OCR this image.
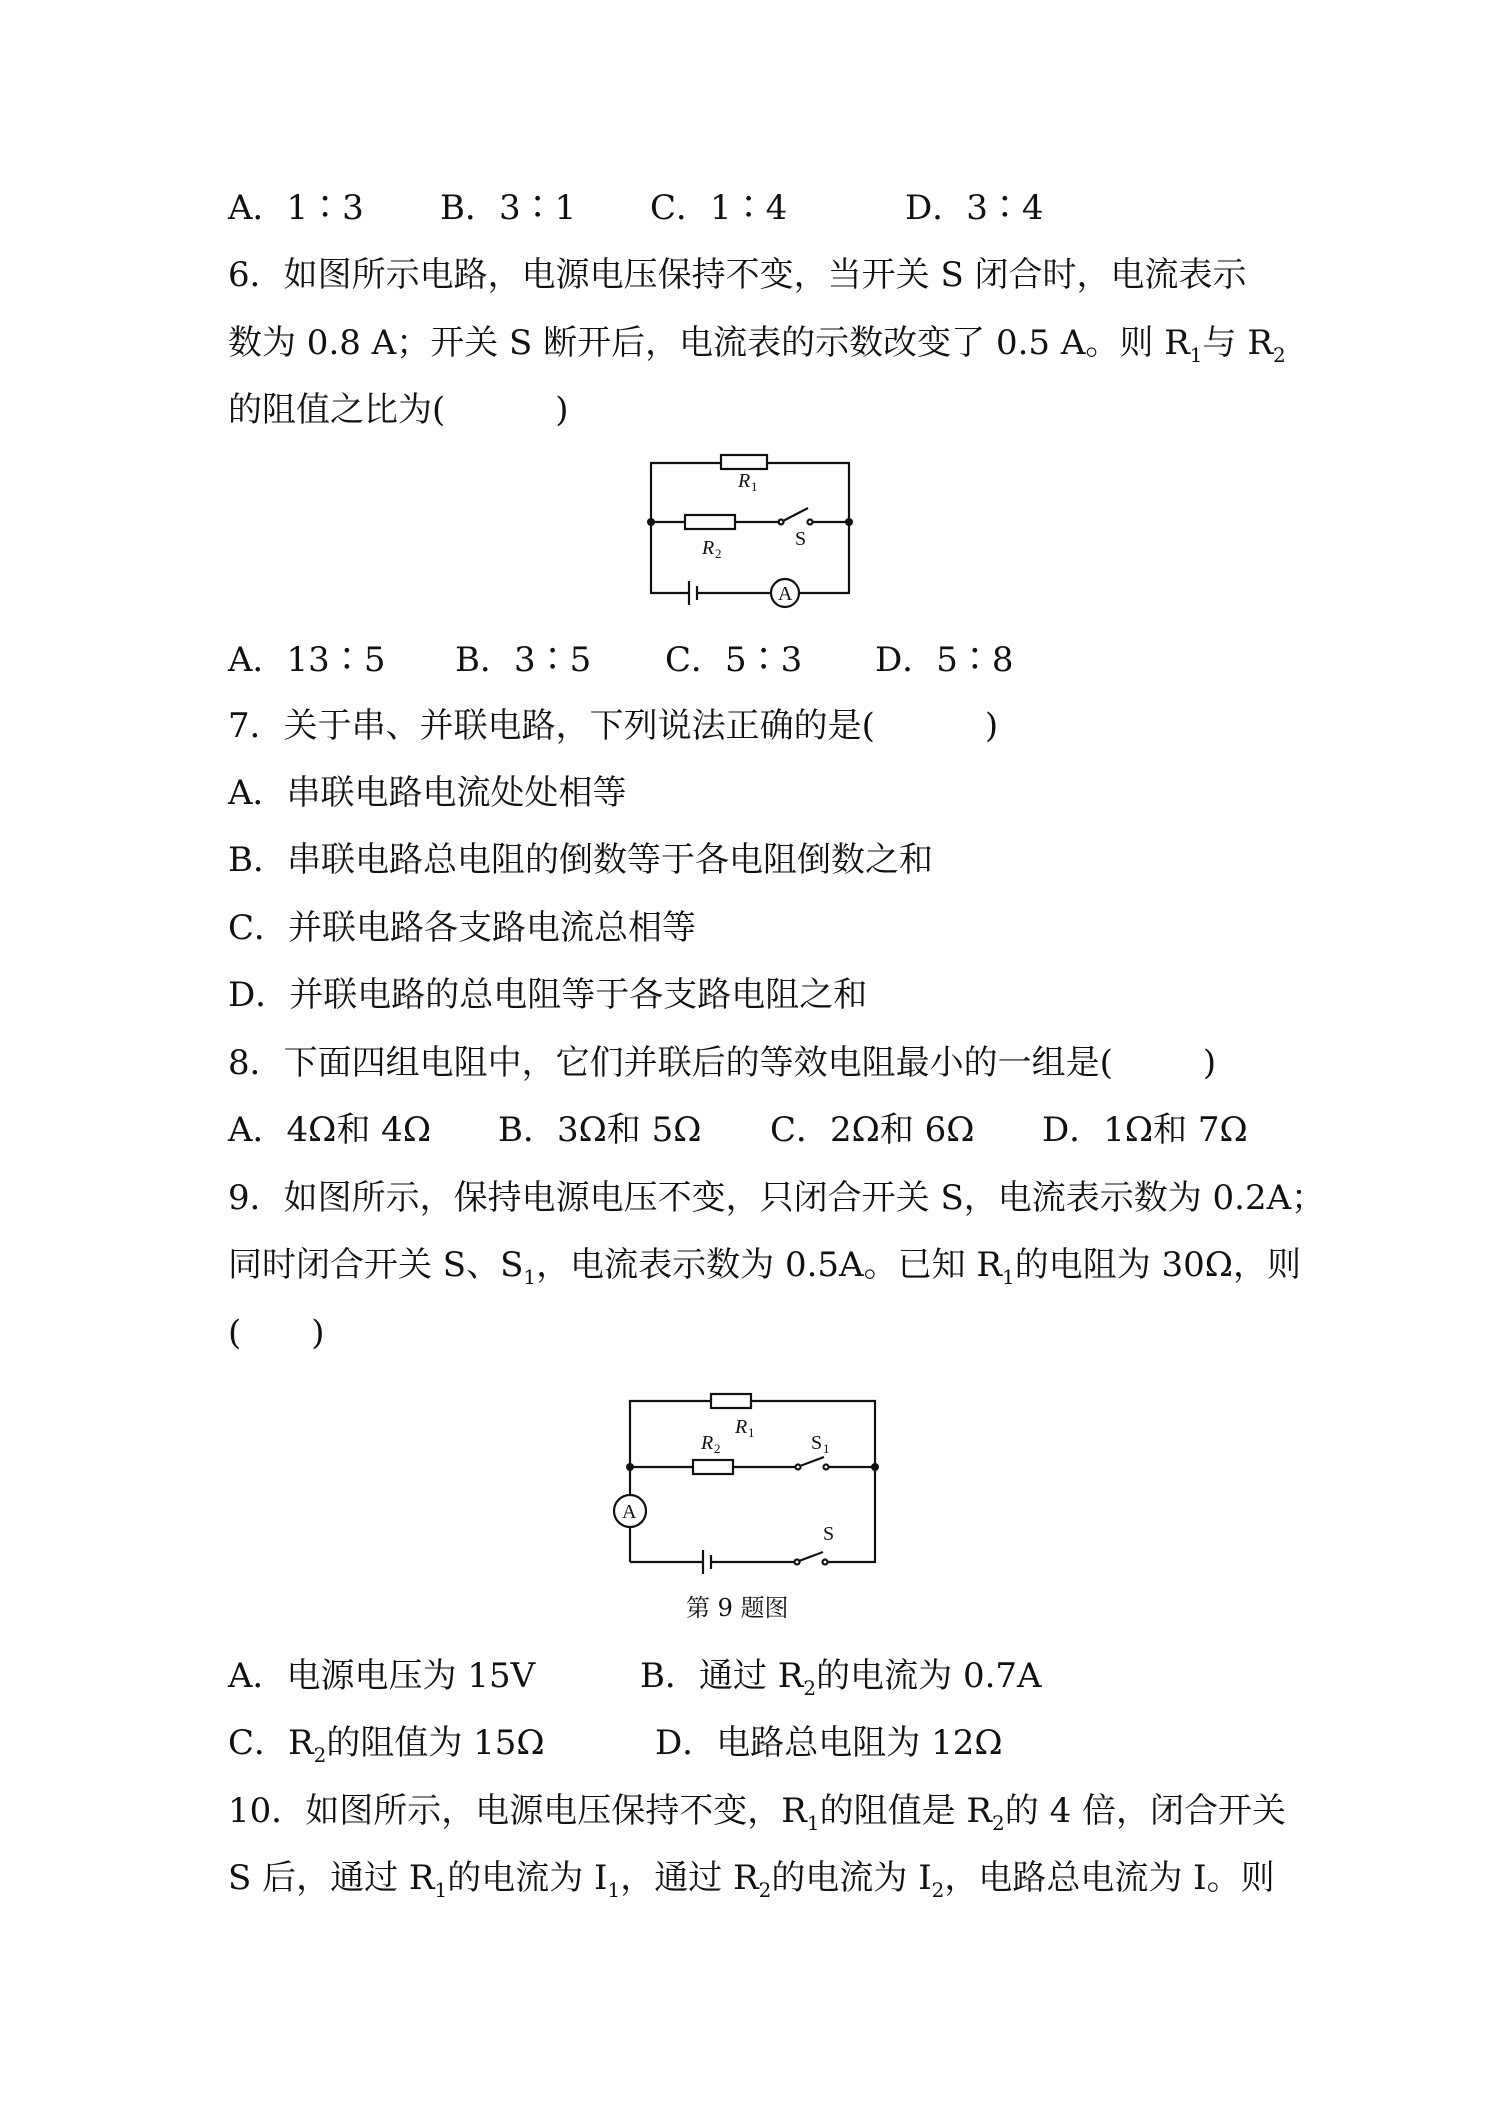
A．1∶3 B．3∶1 C．1∶4	D．3∶4

6．如图所示电路，电源电压保持不变，当开关 S 闭合时，电流表示

数为 0.8 A；开关 S 断开后，电流表的示数改变了 0.5 A。则 $R_1$与 $R_2$

的阻值之比为(	)

R 1
R 2
S
A
A．13∶5 B．3∶5 C．5∶3 D．5∶8

7．关于串、并联电路，下列说法正确的是(	)

A．串联电路电流处处相等

B．串联电路总电阻的倒数等于各电阻倒数之和

C．并联电路各支路电流总相等

D．并联电路的总电阻等于各支路电阻之和

8．下面四组电阻中，它们并联后的等效电阻最小的一组是(	)

A．4Ω和 4Ω B．3Ω和 5Ω C．2Ω和 6Ω D．1Ω和 7Ω

9．如图所示，保持电源电压不变，只闭合开关 S，电流表示数为 0.2A；

同时闭合开关 S、$S_1$，电流表示数为 0.5A。已知 $R_1$的电阻为 30Ω，则

( )

R 1
R 2	S 1
A
S
第 9 题图
A．电源电压为 15V	B．通过 $R_2$的电流为 0.7A
C．$R_2$的阻值为 15Ω	D．电路总电阻为 12Ω

10．如图所示，电源电压保持不变，$R_1$的阻值是 $R_2$的 4 倍，闭合开关

S 后，通过 $R_1$的电流为 $I_1$，通过 $R_2$的电流为 $I_2$，电路总电流为 I。则
